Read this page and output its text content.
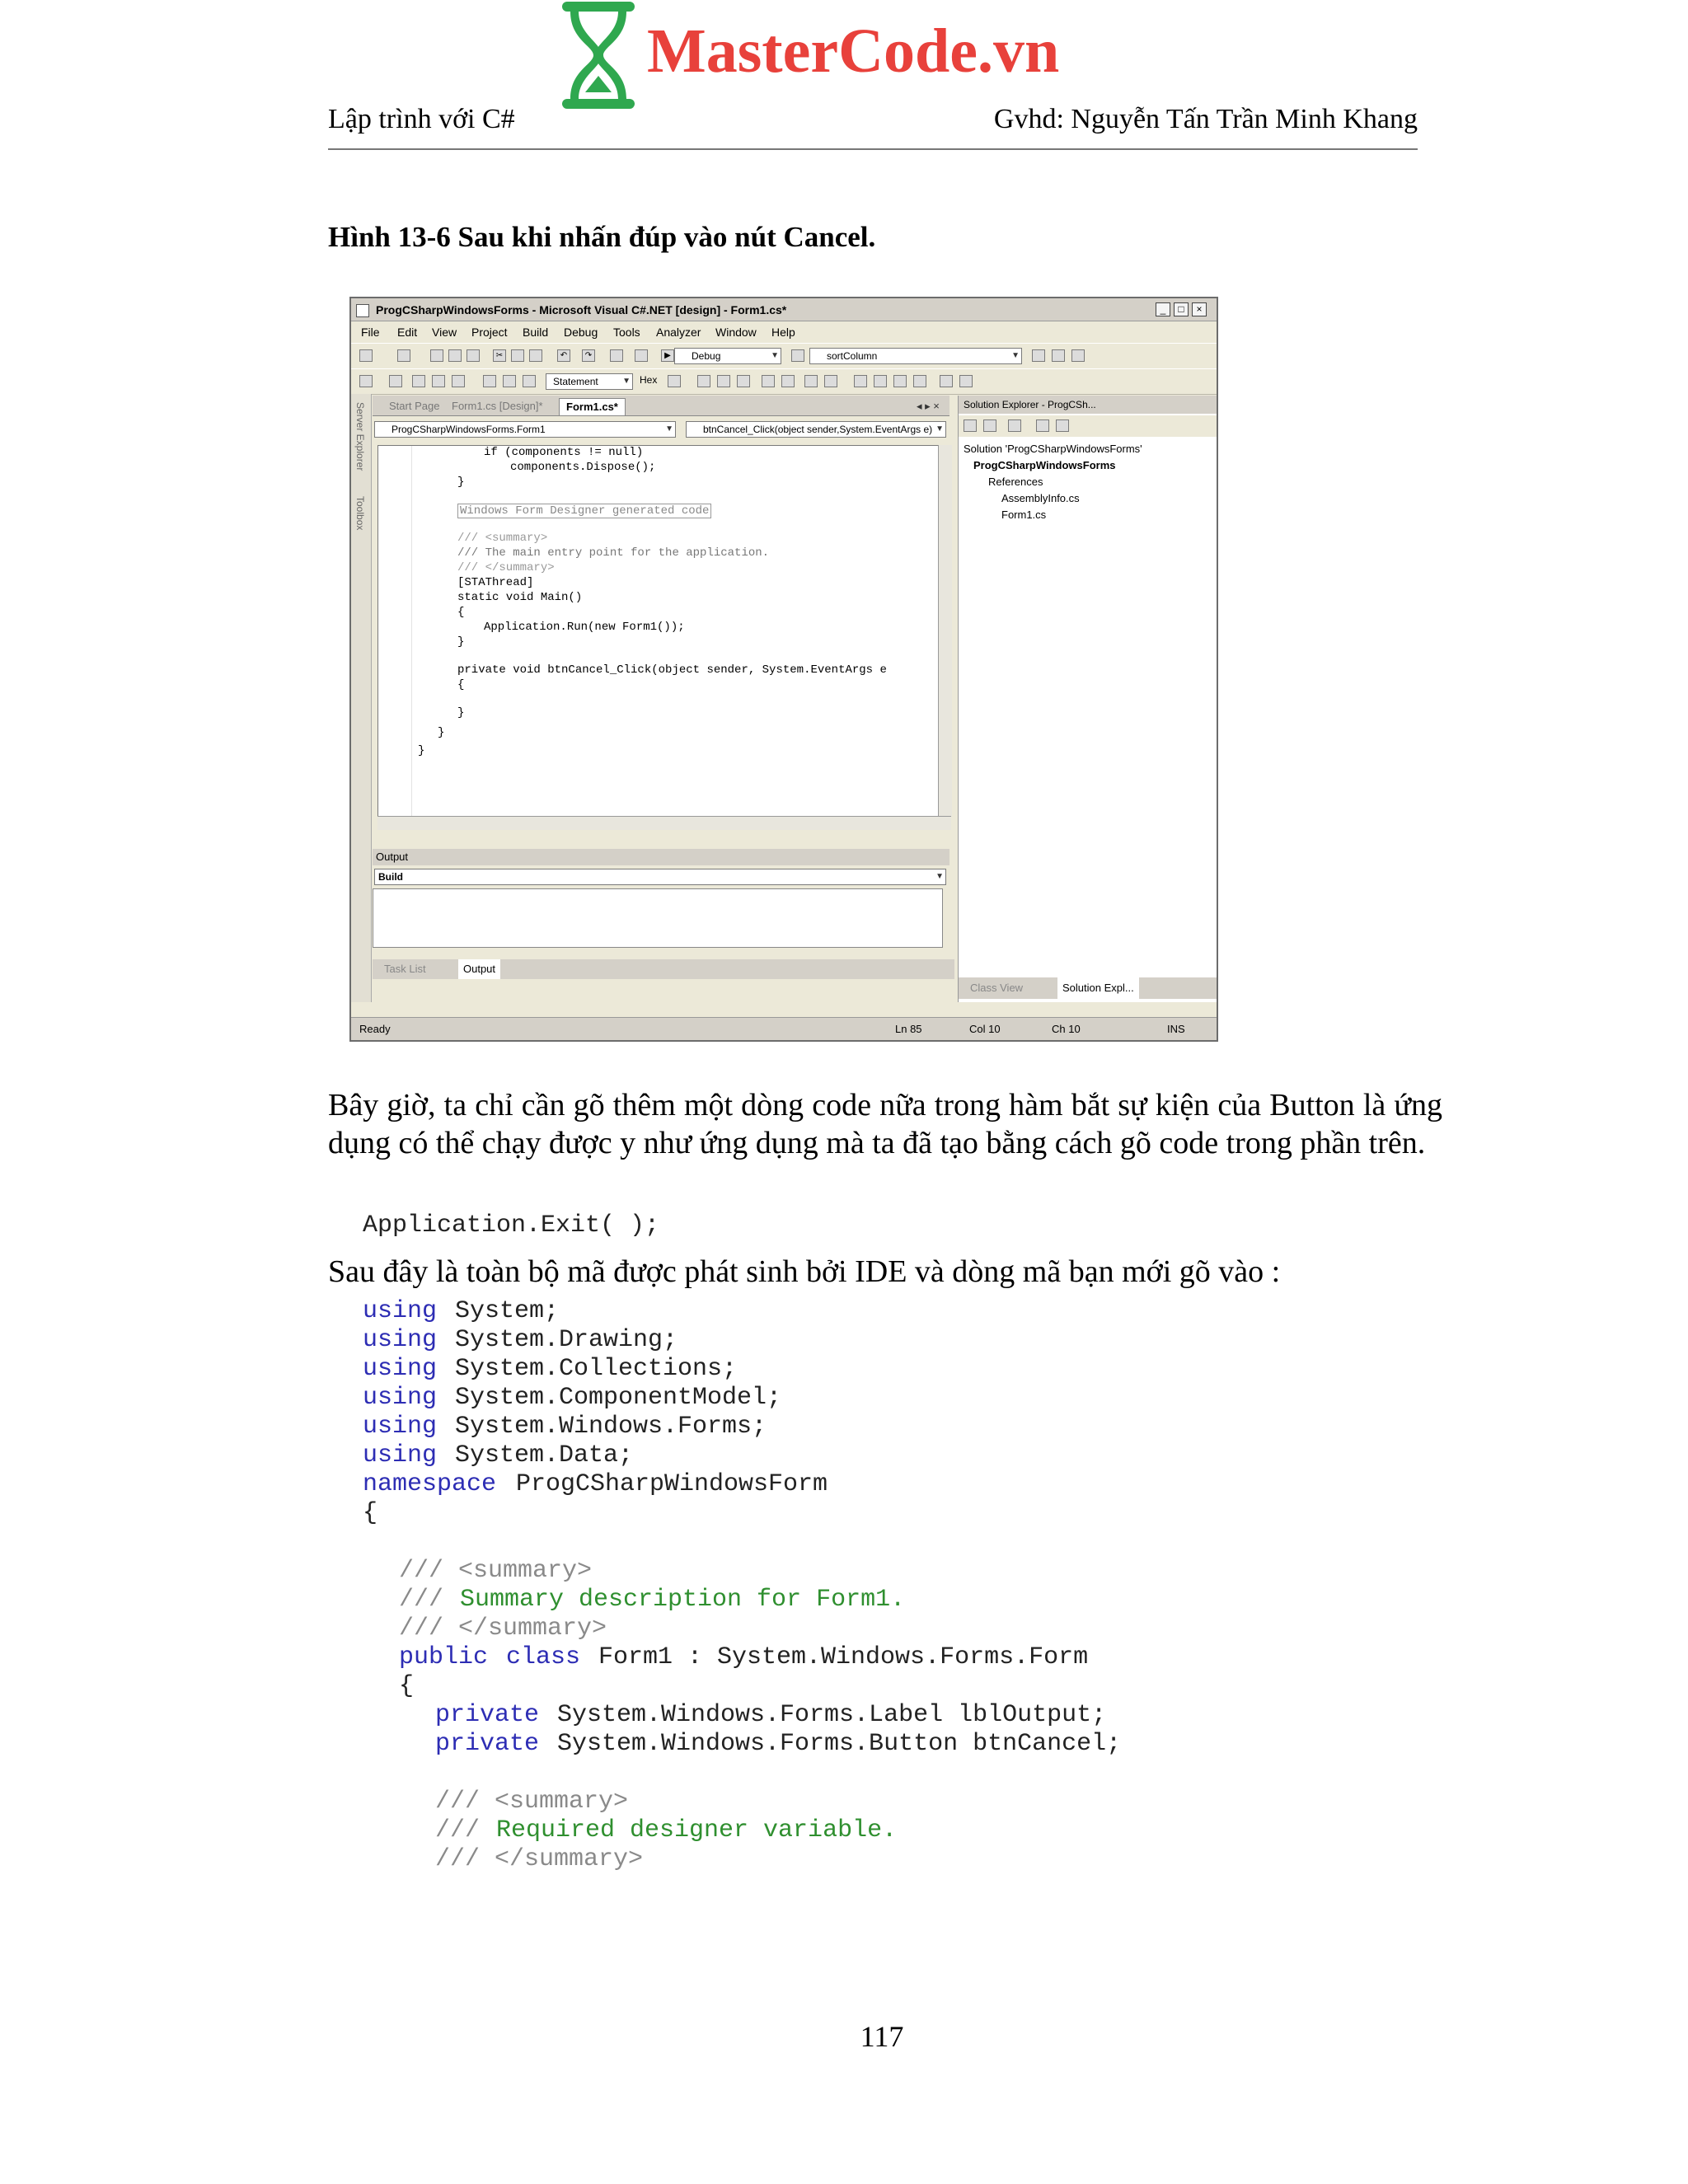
MasterCode.vn
Lập trình với C#	Gvhd: Nguyễn Tấn Trần Minh Khang
Hình 13-6 Sau khi nhấn đúp vào nút Cancel.
ProgCSharpWindowsForms - Microsoft Visual C#.NET [design] - Form1.cs*	_	□	×
File Edit View Project Build Debug Tools Analyzer Window Help
✂	↶	↷	▶	Debug	▼	sortColumn	▼
Statement	▼ Hex
Server Explorer
Toolbox
Start Page Form1.cs [Design]*	Form1.cs*	◂ ▸ ×
ProgCSharpWindowsForms.Form1	▼	btnCancel_Click(object sender,System.EventArgs e) ▼
if (components != null)
components.Dispose();
}
Windows Form Designer generated code
/// <summary>
/// The main entry point for the application.
/// </summary>
[STAThread]
static void Main()
{
Application.Run(new Form1());
}
private void btnCancel_Click(object sender, System.EventArgs e
{
}
}
}
Output
Build	▼
Task List	Output
Solution Explorer - ProgCSh...
Solution 'ProgCSharpWindowsForms'
ProgCSharpWindowsForms
References
AssemblyInfo.cs
Form1.cs
Class View	Solution Expl...
Ready	Ln 85	Col 10	Ch 10	INS
Bây giờ, ta chỉ cần gõ thêm một dòng code nữa trong hàm bắt sự kiện của Button là ứng dụng có thể chạy được y như ứng dụng mà ta đã tạo bằng cách gõ code trong phần trên.
Application.Exit( );
Sau đây là toàn bộ mã được phát sinh bởi IDE và dòng mã bạn mới gõ vào :
using System;
using System.Drawing;
using System.Collections;
using System.ComponentModel;
using System.Windows.Forms;
using System.Data;
namespace ProgCSharpWindowsForm
{
/// <summary>
/// Summary description for Form1.
/// </summary>
public class Form1 : System.Windows.Forms.Form
{
private System.Windows.Forms.Label lblOutput;
private System.Windows.Forms.Button btnCancel;
/// <summary>
/// Required designer variable.
/// </summary>
117
